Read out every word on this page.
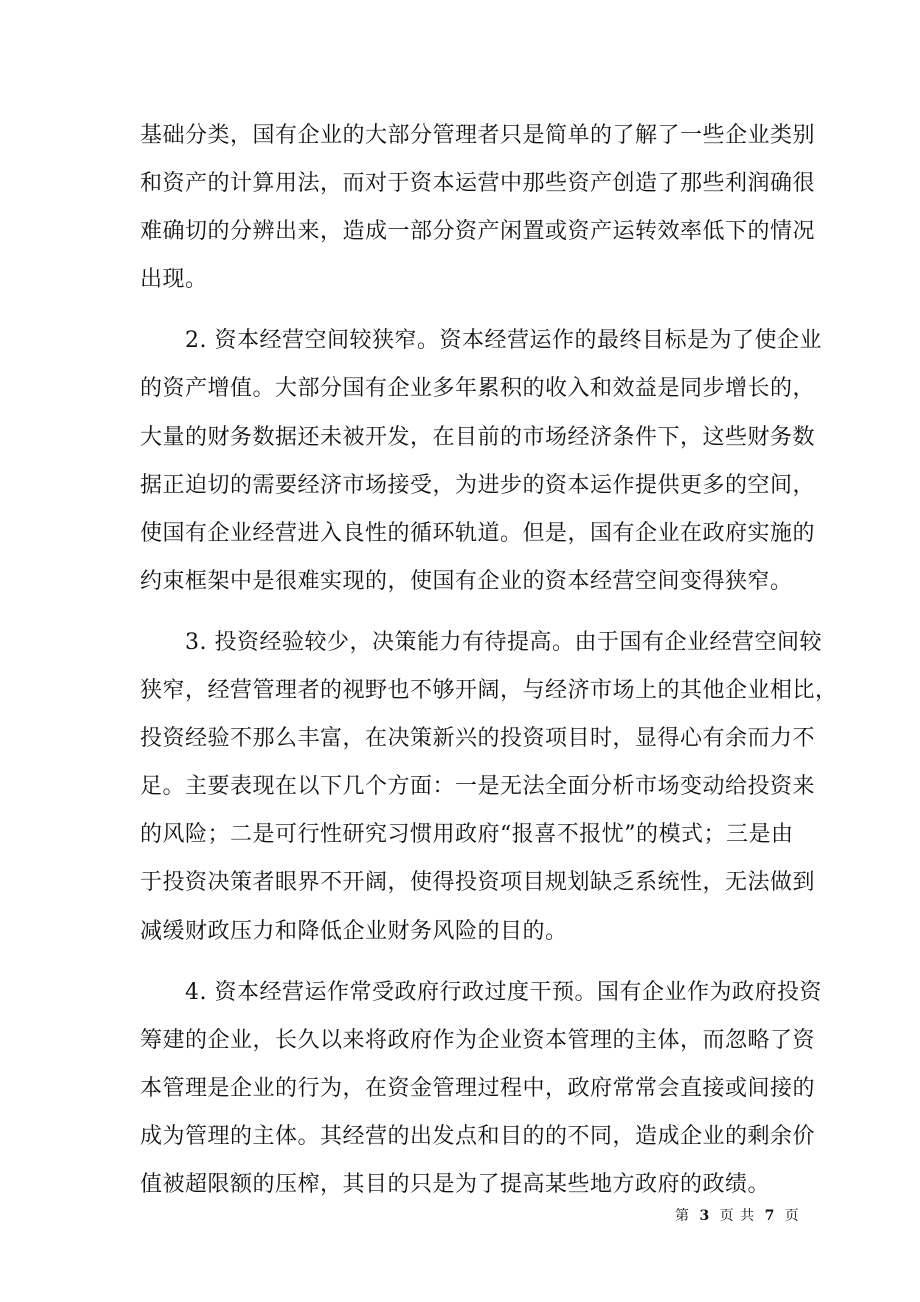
基础分类，国有企业的大部分管理者只是简单的了解了一些企业类别
和资产的计算用法，而对于资本运营中那些资产创造了那些利润确很
难确切的分辨出来，造成一部分资产闲置或资产运转效率低下的情况
出现。
　　2. 资本经营空间较狭窄。资本经营运作的最终目标是为了使企业
的资产增值。大部分国有企业多年累积的收入和效益是同步增长的，
大量的财务数据还未被开发，在目前的市场经济条件下，这些财务数
据正迫切的需要经济市场接受，为进步的资本运作提供更多的空间，
使国有企业经营进入良性的循环轨道。但是，国有企业在政府实施的
约束框架中是很难实现的，使国有企业的资本经营空间变得狭窄。
　　3. 投资经验较少，决策能力有待提高。由于国有企业经营空间较
狭窄，经营管理者的视野也不够开阔，与经济市场上的其他企业相比，
投资经验不那么丰富，在决策新兴的投资项目时，显得心有余而力不
足。主要表现在以下几个方面：一是无法全面分析市场变动给投资来
的风险；二是可行性研究习惯用政府“报喜不报忧”的模式；三是由
于投资决策者眼界不开阔，使得投资项目规划缺乏系统性，无法做到
减缓财政压力和降低企业财务风险的目的。
　　4. 资本经营运作常受政府行政过度干预。国有企业作为政府投资
筹建的企业，长久以来将政府作为企业资本管理的主体，而忽略了资
本管理是企业的行为，在资金管理过程中，政府常常会直接或间接的
成为管理的主体。其经营的出发点和目的的不同，造成企业的剩余价
值被超限额的压榨，其目的只是为了提高某些地方政府的政绩。
第 3 页 共 7 页
